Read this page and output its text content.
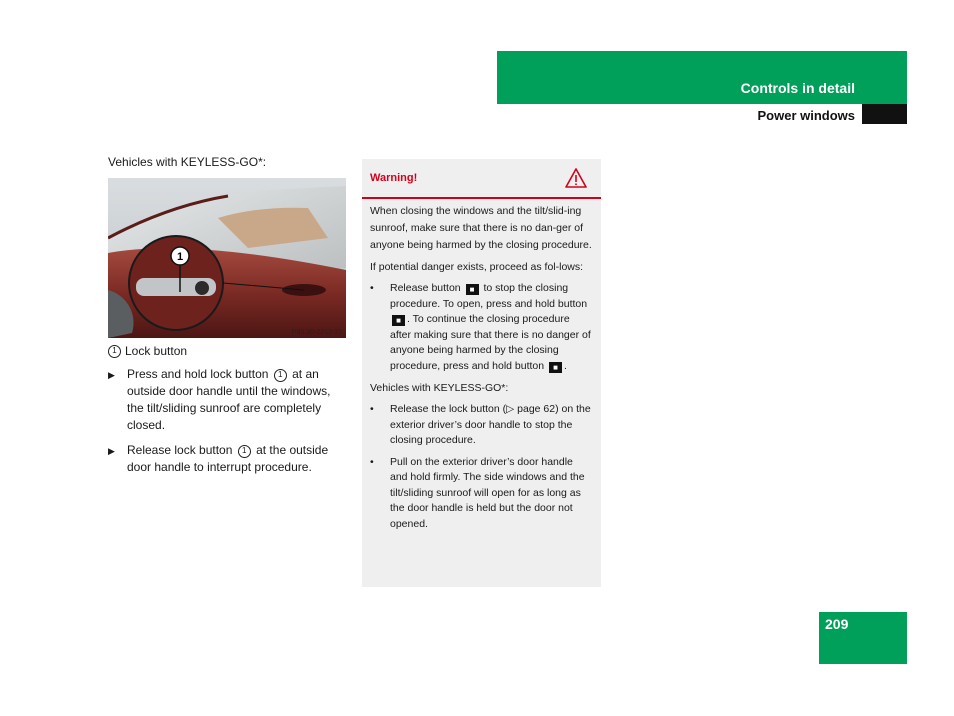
Controls in detail
Power windows

Vehicles with KEYLESS-GO*:

1
P80.30-2213-31
1 Lock button
▶	Press and hold lock button 1 at an outside door handle until the windows, the tilt/sliding sunroof are completely closed.
▶	Release lock button 1 at the outside door handle to interrupt procedure.
Warning!

When closing the windows and the tilt/slid-ing sunroof, make sure that there is no dan-ger of anyone being harmed by the closing procedure.

If potential danger exists, proceed as fol-lows:

•	Release button ■ to stop the closing procedure. To open, press and hold button ■ . To continue the closing procedure after making sure that there is no danger of anyone being harmed by the closing procedure, press and hold button ■ .

Vehicles with KEYLESS-GO*:

•	Release the lock button (▷ page 62) on the exterior driver’s door handle to stop the closing procedure.
•	Pull on the exterior driver’s door handle and hold firmly. The side windows and the tilt/sliding sunroof will open for as long as the door handle is held but the door not opened.
209
